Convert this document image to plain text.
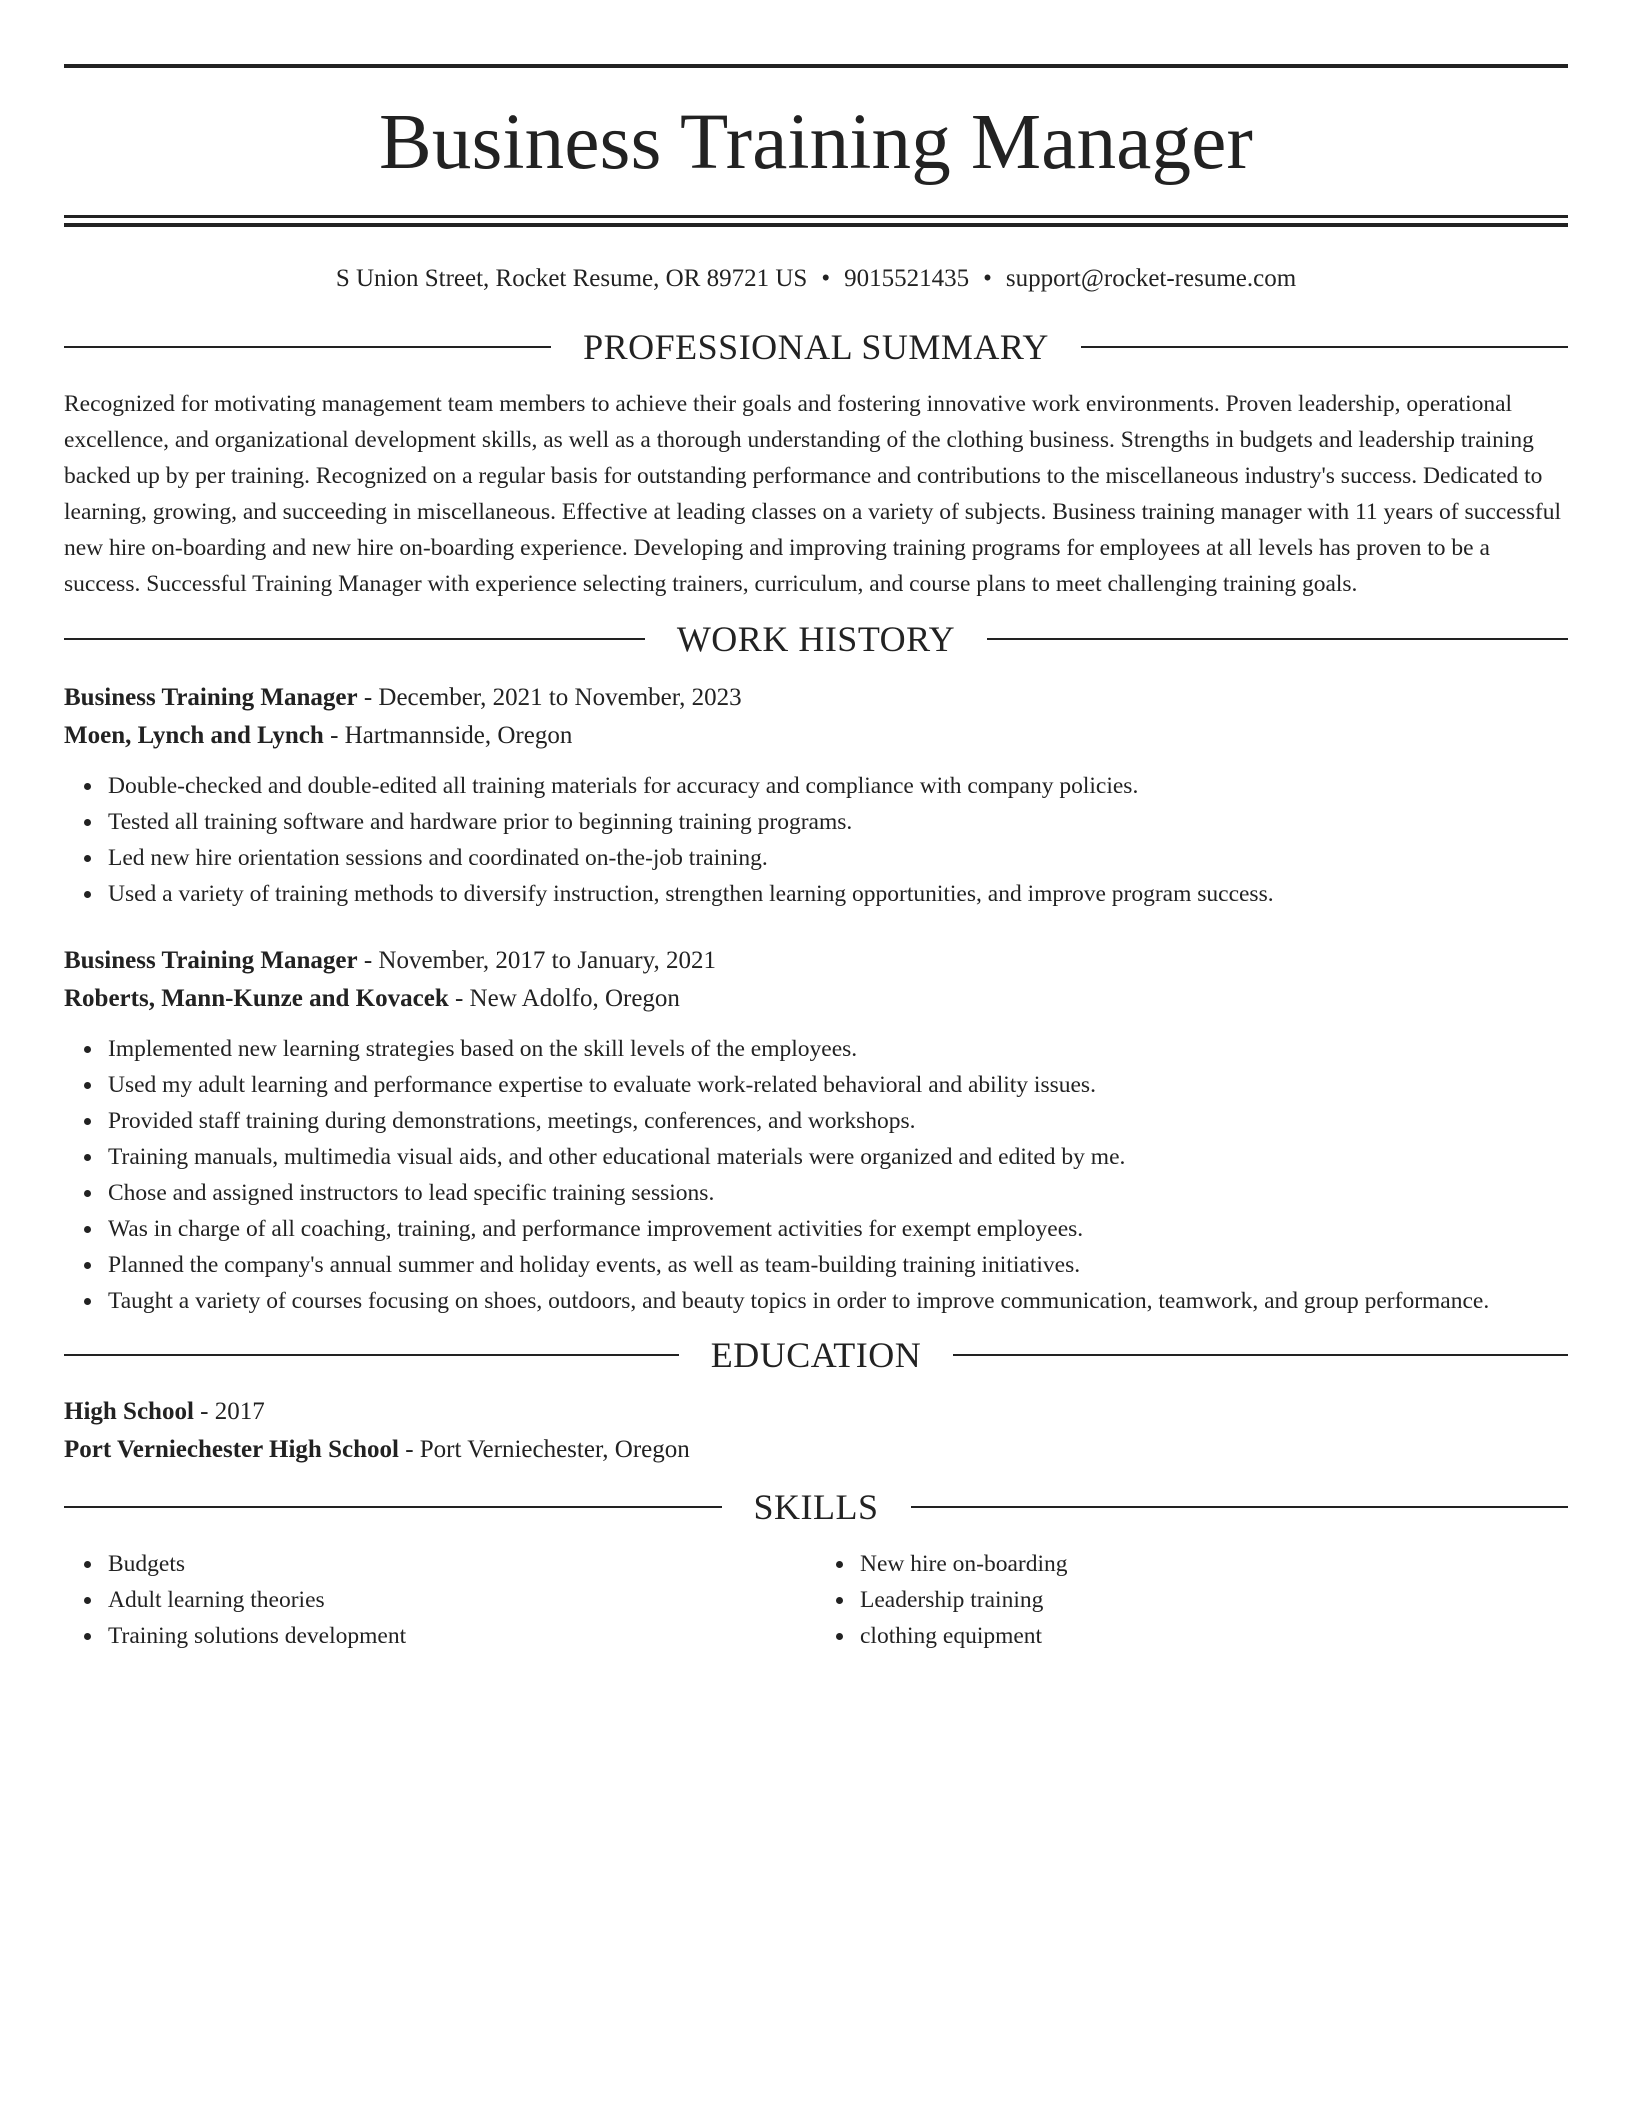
Business Training Manager
S Union Street, Rocket Resume, OR 89721 US • 9015521435 • support@rocket-resume.com
PROFESSIONAL SUMMARY

Recognized for motivating management team members to achieve their goals and fostering innovative work environments. Proven leadership, operational excellence, and organizational development skills, as well as a thorough understanding of the clothing business. Strengths in budgets and leadership training backed up by per training. Recognized on a regular basis for outstanding performance and contributions to the miscellaneous industry's success. Dedicated to learning, growing, and succeeding in miscellaneous. Effective at leading classes on a variety of subjects. Business training manager with 11 years of successful new hire on-boarding and new hire on-boarding experience. Developing and improving training programs for employees at all levels has proven to be a success. Successful Training Manager with experience selecting trainers, curriculum, and course plans to meet challenging training goals.

WORK HISTORY
Business Training Manager - December, 2021 to November, 2023
Moen, Lynch and Lynch - Hartmannside, Oregon
Double-checked and double-edited all training materials for accuracy and compliance with company policies.
Tested all training software and hardware prior to beginning training programs.
Led new hire orientation sessions and coordinated on-the-job training.
Used a variety of training methods to diversify instruction, strengthen learning opportunities, and improve program success.
Business Training Manager - November, 2017 to January, 2021
Roberts, Mann-Kunze and Kovacek - New Adolfo, Oregon
Implemented new learning strategies based on the skill levels of the employees.
Used my adult learning and performance expertise to evaluate work-related behavioral and ability issues.
Provided staff training during demonstrations, meetings, conferences, and workshops.
Training manuals, multimedia visual aids, and other educational materials were organized and edited by me.
Chose and assigned instructors to lead specific training sessions.
Was in charge of all coaching, training, and performance improvement activities for exempt employees.
Planned the company's annual summer and holiday events, as well as team-building training initiatives.
Taught a variety of courses focusing on shoes, outdoors, and beauty topics in order to improve communication, teamwork, and group performance.
EDUCATION
High School - 2017
Port Verniechester High School - Port Verniechester, Oregon
SKILLS
Budgets
Adult learning theories
Training solutions development
New hire on-boarding
Leadership training
clothing equipment
